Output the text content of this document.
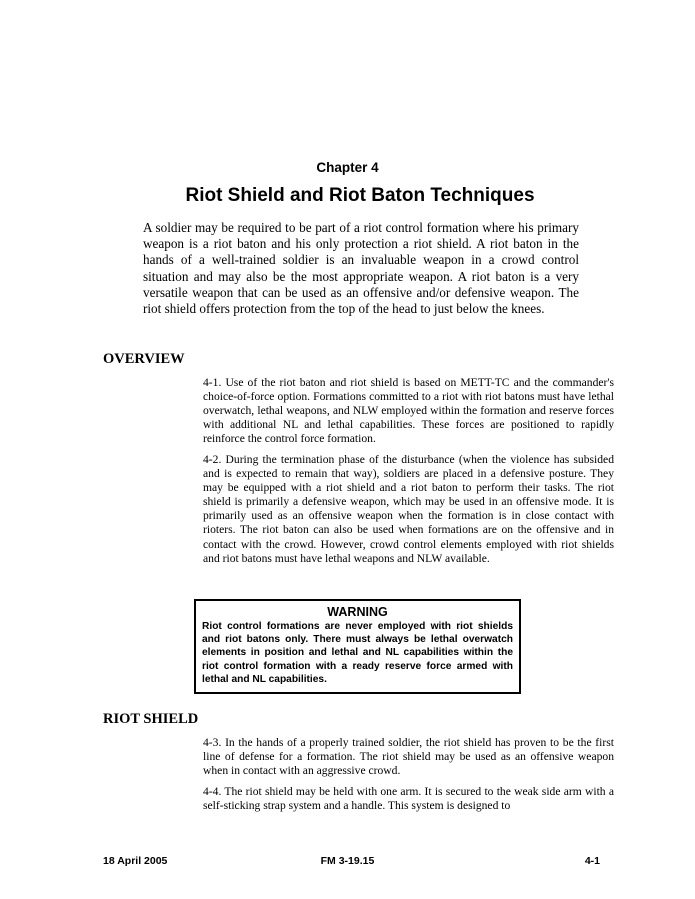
Chapter 4
Riot Shield and Riot Baton Techniques

A soldier may be required to be part of a riot control formation where his primary weapon is a riot baton and his only protection a riot shield. A riot baton in the hands of a well-trained soldier is an invaluable weapon in a crowd control situation and may also be the most appropriate weapon. A riot baton is a very versatile weapon that can be used as an offensive and/or defensive weapon. The riot shield offers protection from the top of the head to just below the knees.

OVERVIEW

4-1. Use of the riot baton and riot shield is based on METT-TC and the commander's choice-of-force option. Formations committed to a riot with riot batons must have lethal overwatch, lethal weapons, and NLW employed within the formation and reserve forces with additional NL and lethal capabilities. These forces are positioned to rapidly reinforce the control force formation.

4-2. During the termination phase of the disturbance (when the violence has subsided and is expected to remain that way), soldiers are placed in a defensive posture. They may be equipped with a riot shield and a riot baton to perform their tasks. The riot shield is primarily a defensive weapon, which may be used in an offensive mode. It is primarily used as an offensive weapon when the formation is in close contact with rioters. The riot baton can also be used when formations are on the offensive and in contact with the crowd. However, crowd control elements employed with riot shields and riot batons must have lethal weapons and NLW available.

WARNING

Riot control formations are never employed with riot shields and riot batons only. There must always be lethal overwatch elements in position and lethal and NL capabilities within the riot control formation with a ready reserve force armed with lethal and NL capabilities.

RIOT SHIELD

4-3. In the hands of a properly trained soldier, the riot shield has proven to be the first line of defense for a formation. The riot shield may be used as an offensive weapon when in contact with an aggressive crowd.

4-4. The riot shield may be held with one arm. It is secured to the weak side arm with a self-sticking strap system and a handle. This system is designed to

18 April 2005	FM 3-19.15	4-1
